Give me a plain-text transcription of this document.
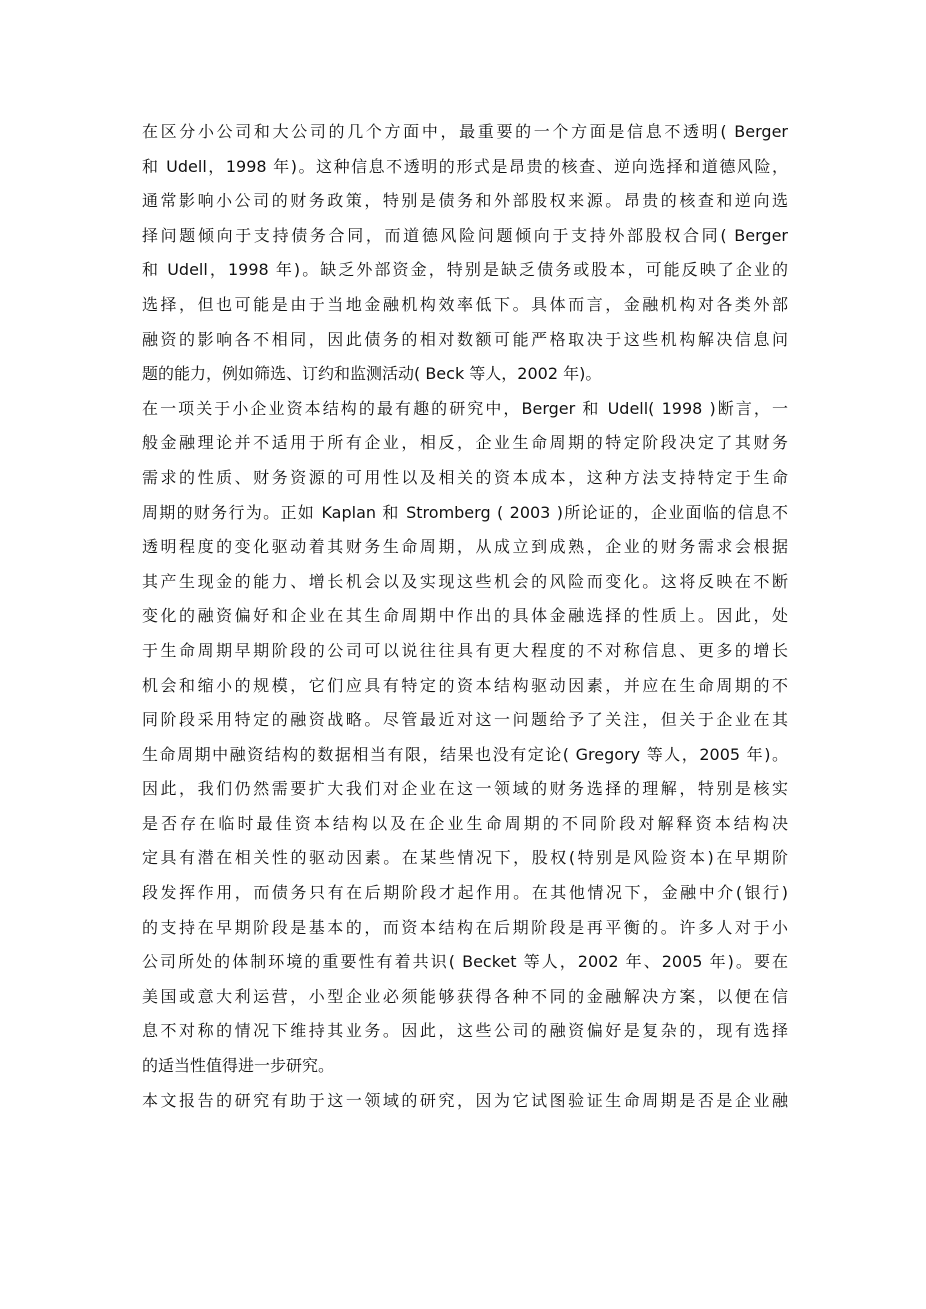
在区分小公司和大公司的几个方面中，最重要的一个方面是信息不透明( Berger
和 Udell，1998 年)。这种信息不透明的形式是昂贵的核查、逆向选择和道德风险，
通常影响小公司的财务政策，特别是债务和外部股权来源。昂贵的核查和逆向选
择问题倾向于支持债务合同，而道德风险问题倾向于支持外部股权合同( Berger
和 Udell，1998 年)。缺乏外部资金，特别是缺乏债务或股本，可能反映了企业的
选择，但也可能是由于当地金融机构效率低下。具体而言，金融机构对各类外部
融资的影响各不相同，因此债务的相对数额可能严格取决于这些机构解决信息问
题的能力，例如筛选、订约和监测活动( Beck 等人，2002 年)。
在一项关于小企业资本结构的最有趣的研究中，Berger 和 Udell( 1998 )断言，一
般金融理论并不适用于所有企业，相反，企业生命周期的特定阶段决定了其财务
需求的性质、财务资源的可用性以及相关的资本成本，这种方法支持特定于生命
周期的财务行为。正如 Kaplan 和 Stromberg ( 2003 )所论证的，企业面临的信息不
透明程度的变化驱动着其财务生命周期，从成立到成熟，企业的财务需求会根据
其产生现金的能力、增长机会以及实现这些机会的风险而变化。这将反映在不断
变化的融资偏好和企业在其生命周期中作出的具体金融选择的性质上。因此，处
于生命周期早期阶段的公司可以说往往具有更大程度的不对称信息、更多的增长
机会和缩小的规模，它们应具有特定的资本结构驱动因素，并应在生命周期的不
同阶段采用特定的融资战略。尽管最近对这一问题给予了关注，但关于企业在其
生命周期中融资结构的数据相当有限，结果也没有定论( Gregory 等人，2005 年)。
因此，我们仍然需要扩大我们对企业在这一领域的财务选择的理解，特别是核实
是否存在临时最佳资本结构以及在企业生命周期的不同阶段对解释资本结构决
定具有潜在相关性的驱动因素。在某些情况下，股权(特别是风险资本)在早期阶
段发挥作用，而债务只有在后期阶段才起作用。在其他情况下，金融中介(银行)
的支持在早期阶段是基本的，而资本结构在后期阶段是再平衡的。许多人对于小
公司所处的体制环境的重要性有着共识( Becket 等人，2002 年、2005 年)。要在
美国或意大利运营，小型企业必须能够获得各种不同的金融解决方案，以便在信
息不对称的情况下维持其业务。因此，这些公司的融资偏好是复杂的，现有选择
的适当性值得进一步研究。
本文报告的研究有助于这一领域的研究，因为它试图验证生命周期是否是企业融
